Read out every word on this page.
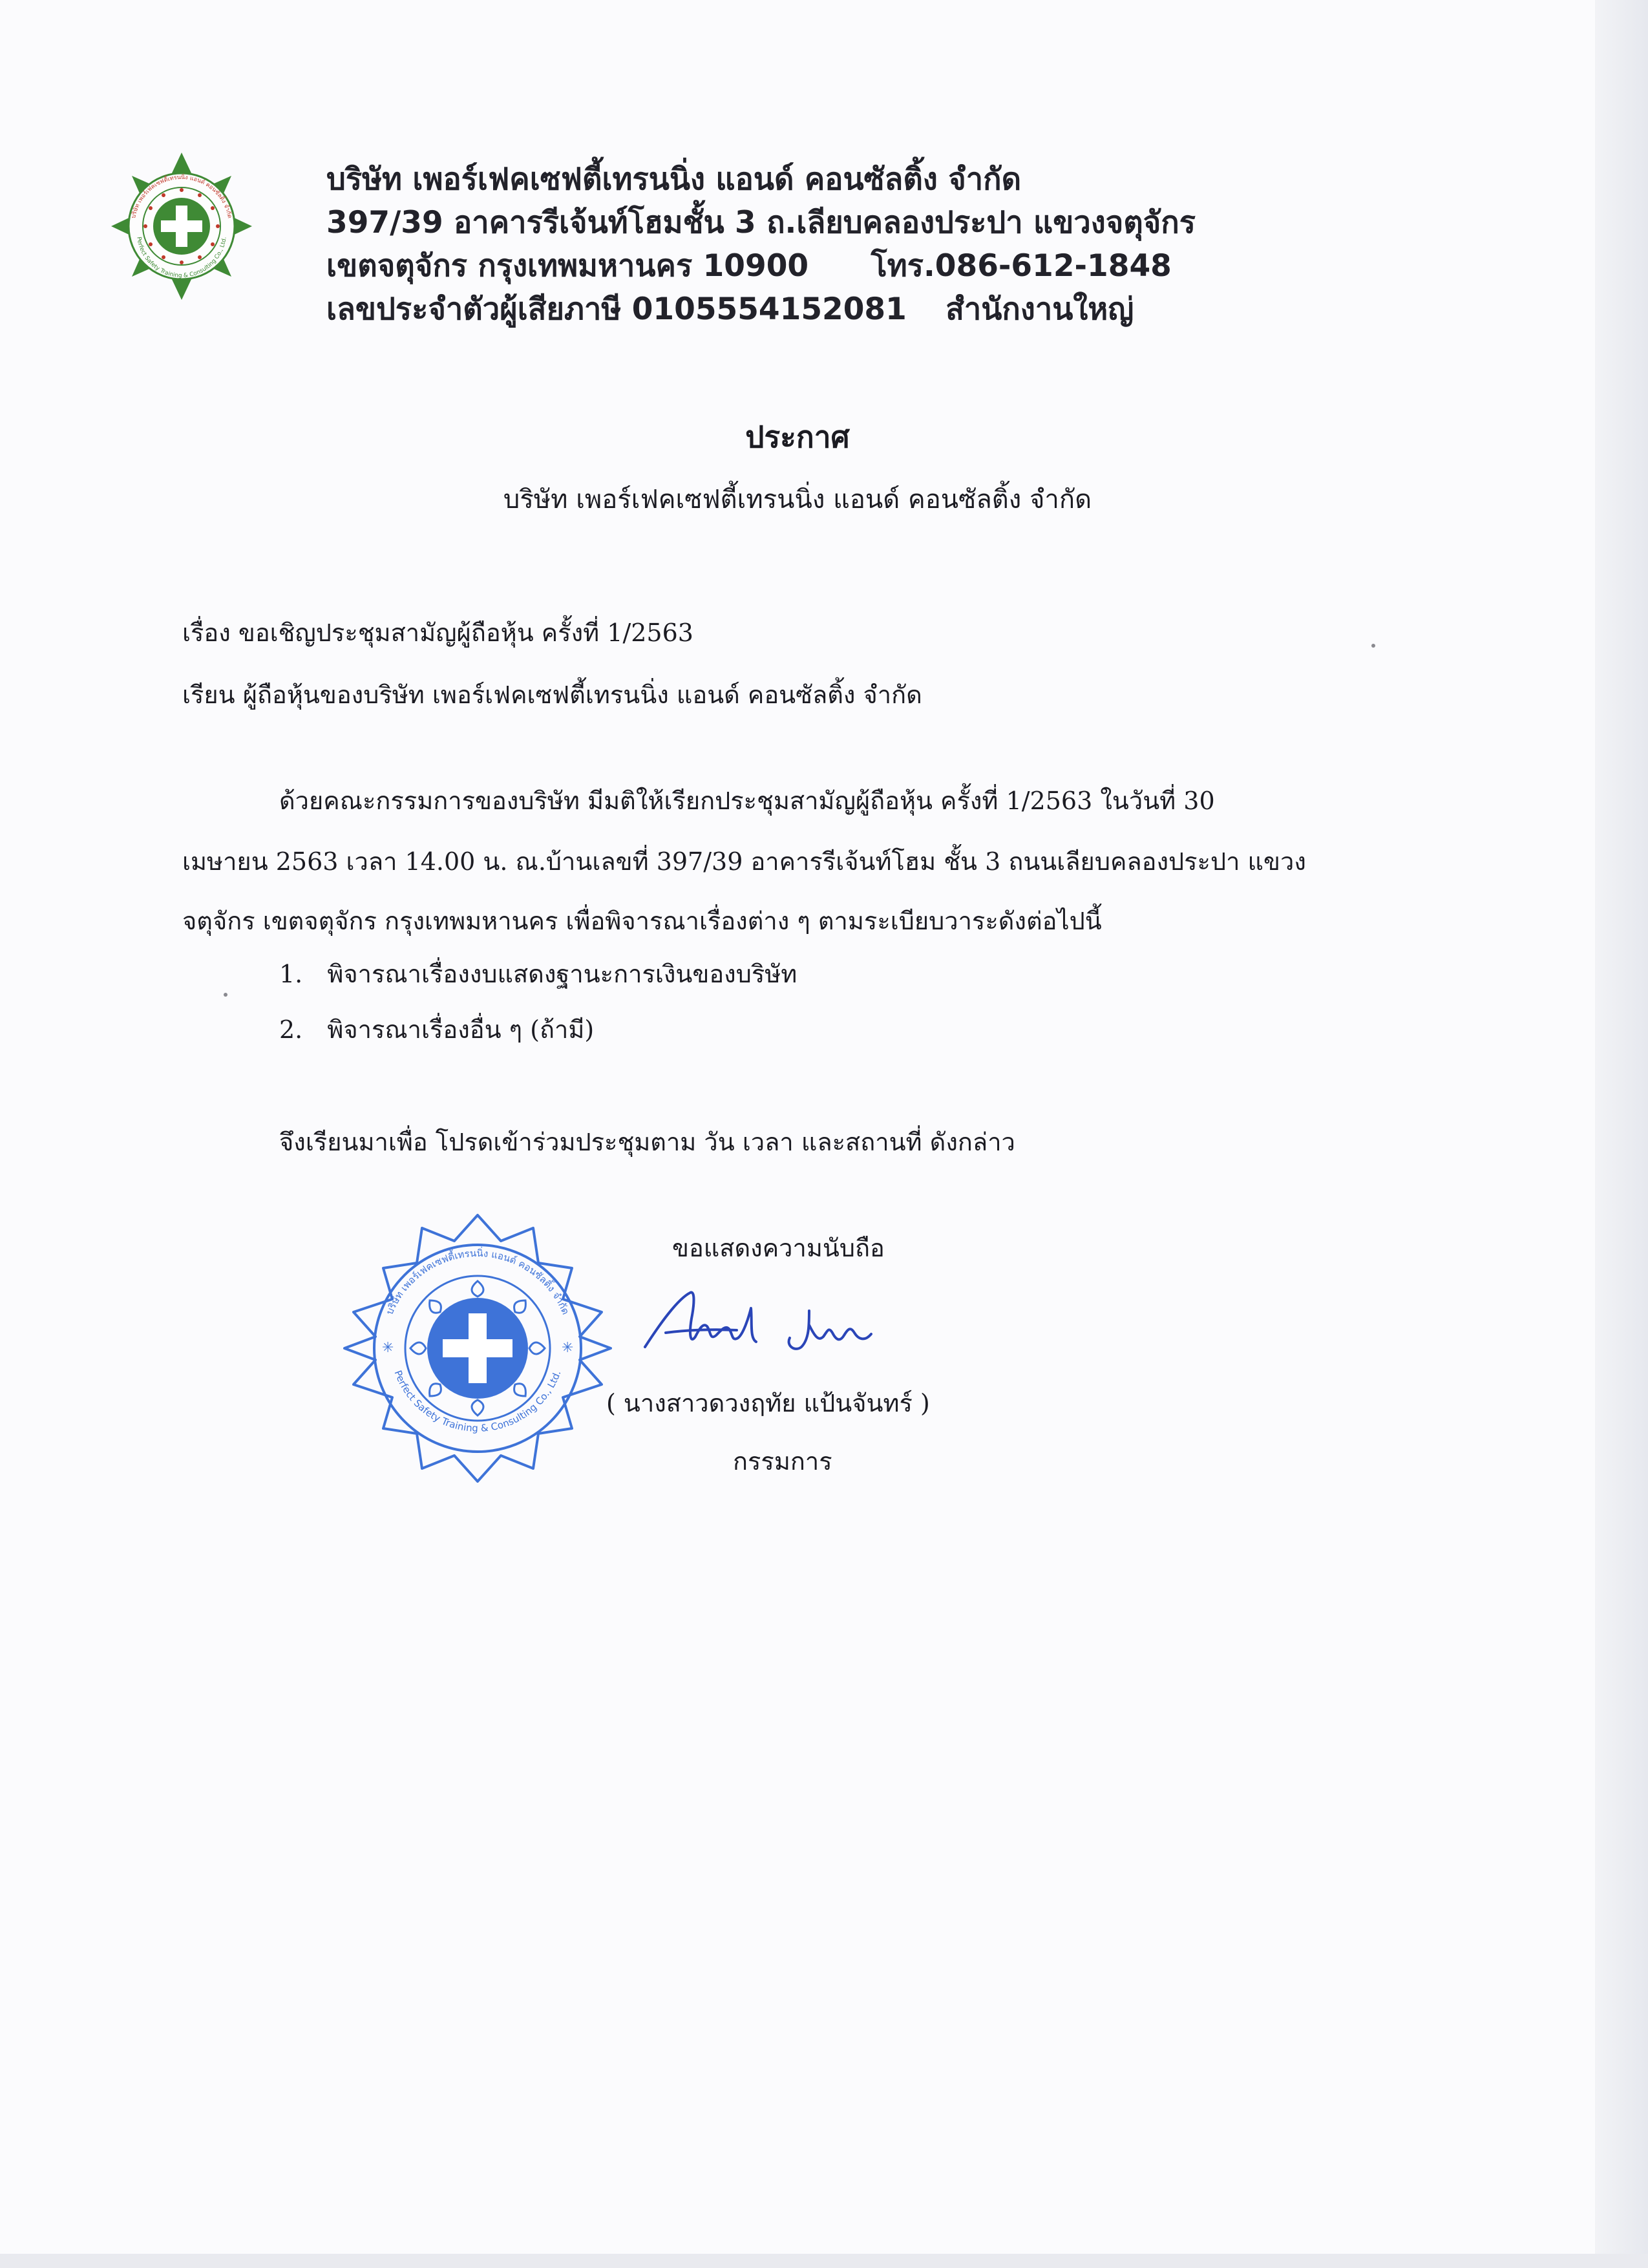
บริษัท เพอร์เฟคเซฟตี้เทรนนิ่ง แอนด์ คอนซัลติ้ง จำกัด
Perfect Safety Training & Consulting Co., Ltd.
บริษัท เพอร์เฟคเซฟตี้เทรนนิ่ง แอนด์ คอนซัลติ้ง จำกัด
397/39 อาคารรีเจ้นท์โฮมชั้น 3 ถ.เลียบคลองประปา แขวงจตุจักร
เขตจตุจักร กรุงเทพมหานคร 10900 โทร.086-612-1848
เลขประจำตัวผู้เสียภาษี 0105554152081 สำนักงานใหญ่
ประกาศ
บริษัท เพอร์เฟคเซฟตี้เทรนนิ่ง แอนด์ คอนซัลติ้ง จำกัด
เรื่อง ขอเชิญประชุมสามัญผู้ถือหุ้น ครั้งที่ 1/2563
เรียน ผู้ถือหุ้นของบริษัท เพอร์เฟคเซฟตี้เทรนนิ่ง แอนด์ คอนซัลติ้ง จำกัด
ด้วยคณะกรรมการของบริษัท มีมติให้เรียกประชุมสามัญผู้ถือหุ้น ครั้งที่ 1/2563 ในวันที่ 30
เมษายน 2563 เวลา 14.00 น. ณ.บ้านเลขที่ 397/39 อาคารรีเจ้นท์โฮม ชั้น 3 ถนนเลียบคลองประปา แขวง
จตุจักร เขตจตุจักร กรุงเทพมหานคร เพื่อพิจารณาเรื่องต่าง ๆ ตามระเบียบวาระดังต่อไปนี้
1. พิจารณาเรื่องงบแสดงฐานะการเงินของบริษัท
2. พิจารณาเรื่องอื่น ๆ (ถ้ามี)
จึงเรียนมาเพื่อ โปรดเข้าร่วมประชุมตาม วัน เวลา และสถานที่ ดังกล่าว
ขอแสดงความนับถือ
( นางสาวดวงฤทัย แป้นจันทร์ )
กรรมการ
✳	✳
บริษัท เพอร์เฟคเซฟตี้เทรนนิ่ง แอนด์ คอนซัลติ้ง จำกัด
Perfect Safety Training & Consulting Co., Ltd.
